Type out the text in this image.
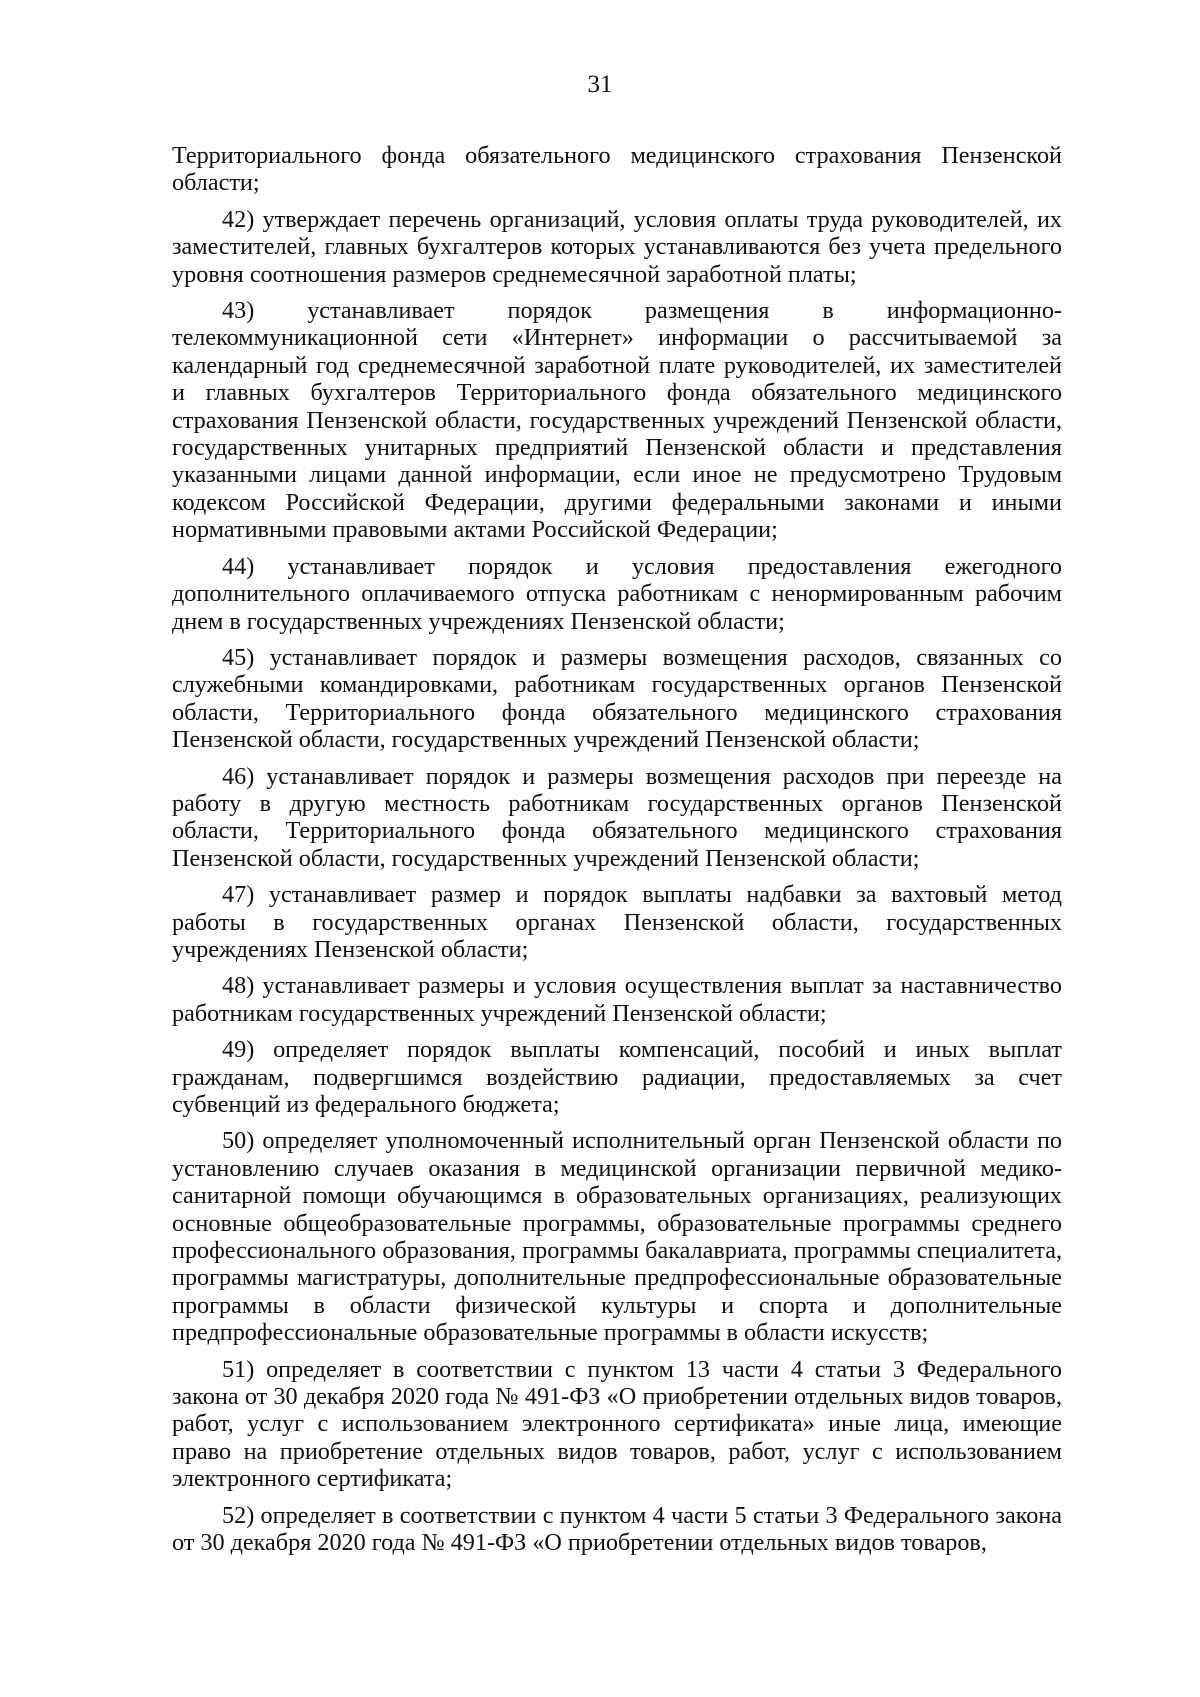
31

Территориального фонда обязательного медицинского страхования Пензенской области;

42) утверждает перечень организаций, условия оплаты труда руководителей, их заместителей, главных бухгалтеров которых устанавливаются без учета предельного уровня соотношения размеров среднемесячной заработной платы;

43) устанавливает порядок размещения в информационно-телекоммуникационной сети «Интернет» информации о рассчитываемой за календарный год среднемесячной заработной плате руководителей, их заместителей и главных бухгалтеров Территориального фонда обязательного медицинского страхования Пензенской области, государственных учреждений Пензенской области, государственных унитарных предприятий Пензенской области и представления указанными лицами данной информации, если иное не предусмотрено Трудовым кодексом Российской Федерации, другими федеральными законами и иными нормативными правовыми актами Российской Федерации;

44) устанавливает порядок и условия предоставления ежегодного дополнительного оплачиваемого отпуска работникам с ненормированным рабочим днем в государственных учреждениях Пензенской области;

45) устанавливает порядок и размеры возмещения расходов, связанных со служебными командировками, работникам государственных органов Пензенской области, Территориального фонда обязательного медицинского страхования Пензенской области, государственных учреждений Пензенской области;

46) устанавливает порядок и размеры возмещения расходов при переезде на работу в другую местность работникам государственных органов Пензенской области, Территориального фонда обязательного медицинского страхования Пензенской области, государственных учреждений Пензенской области;

47) устанавливает размер и порядок выплаты надбавки за вахтовый метод работы в государственных органах Пензенской области, государственных учреждениях Пензенской области;

48) устанавливает размеры и условия осуществления выплат за наставничество работникам государственных учреждений Пензенской области;

49) определяет порядок выплаты компенсаций, пособий и иных выплат гражданам, подвергшимся воздействию радиации, предоставляемых за счет субвенций из федерального бюджета;

50) определяет уполномоченный исполнительный орган Пензенской области по установлению случаев оказания в медицинской организации первичной медико-санитарной помощи обучающимся в образовательных организациях, реализующих основные общеобразовательные программы, образовательные программы среднего профессионального образования, программы бакалавриата, программы специалитета, программы магистратуры, дополнительные предпрофессиональные образовательные программы в области физической культуры и спорта и дополнительные предпрофессиональные образовательные программы в области искусств;

51) определяет в соответствии с пунктом 13 части 4 статьи 3 Федерального закона от 30 декабря 2020 года № 491-ФЗ «О приобретении отдельных видов товаров, работ, услуг с использованием электронного сертификата» иные лица, имеющие право на приобретение отдельных видов товаров, работ, услуг с использованием электронного сертификата;

52) определяет в соответствии с пунктом 4 части 5 статьи 3 Федерального закона от 30 декабря 2020 года № 491-ФЗ «О приобретении отдельных видов товаров,
